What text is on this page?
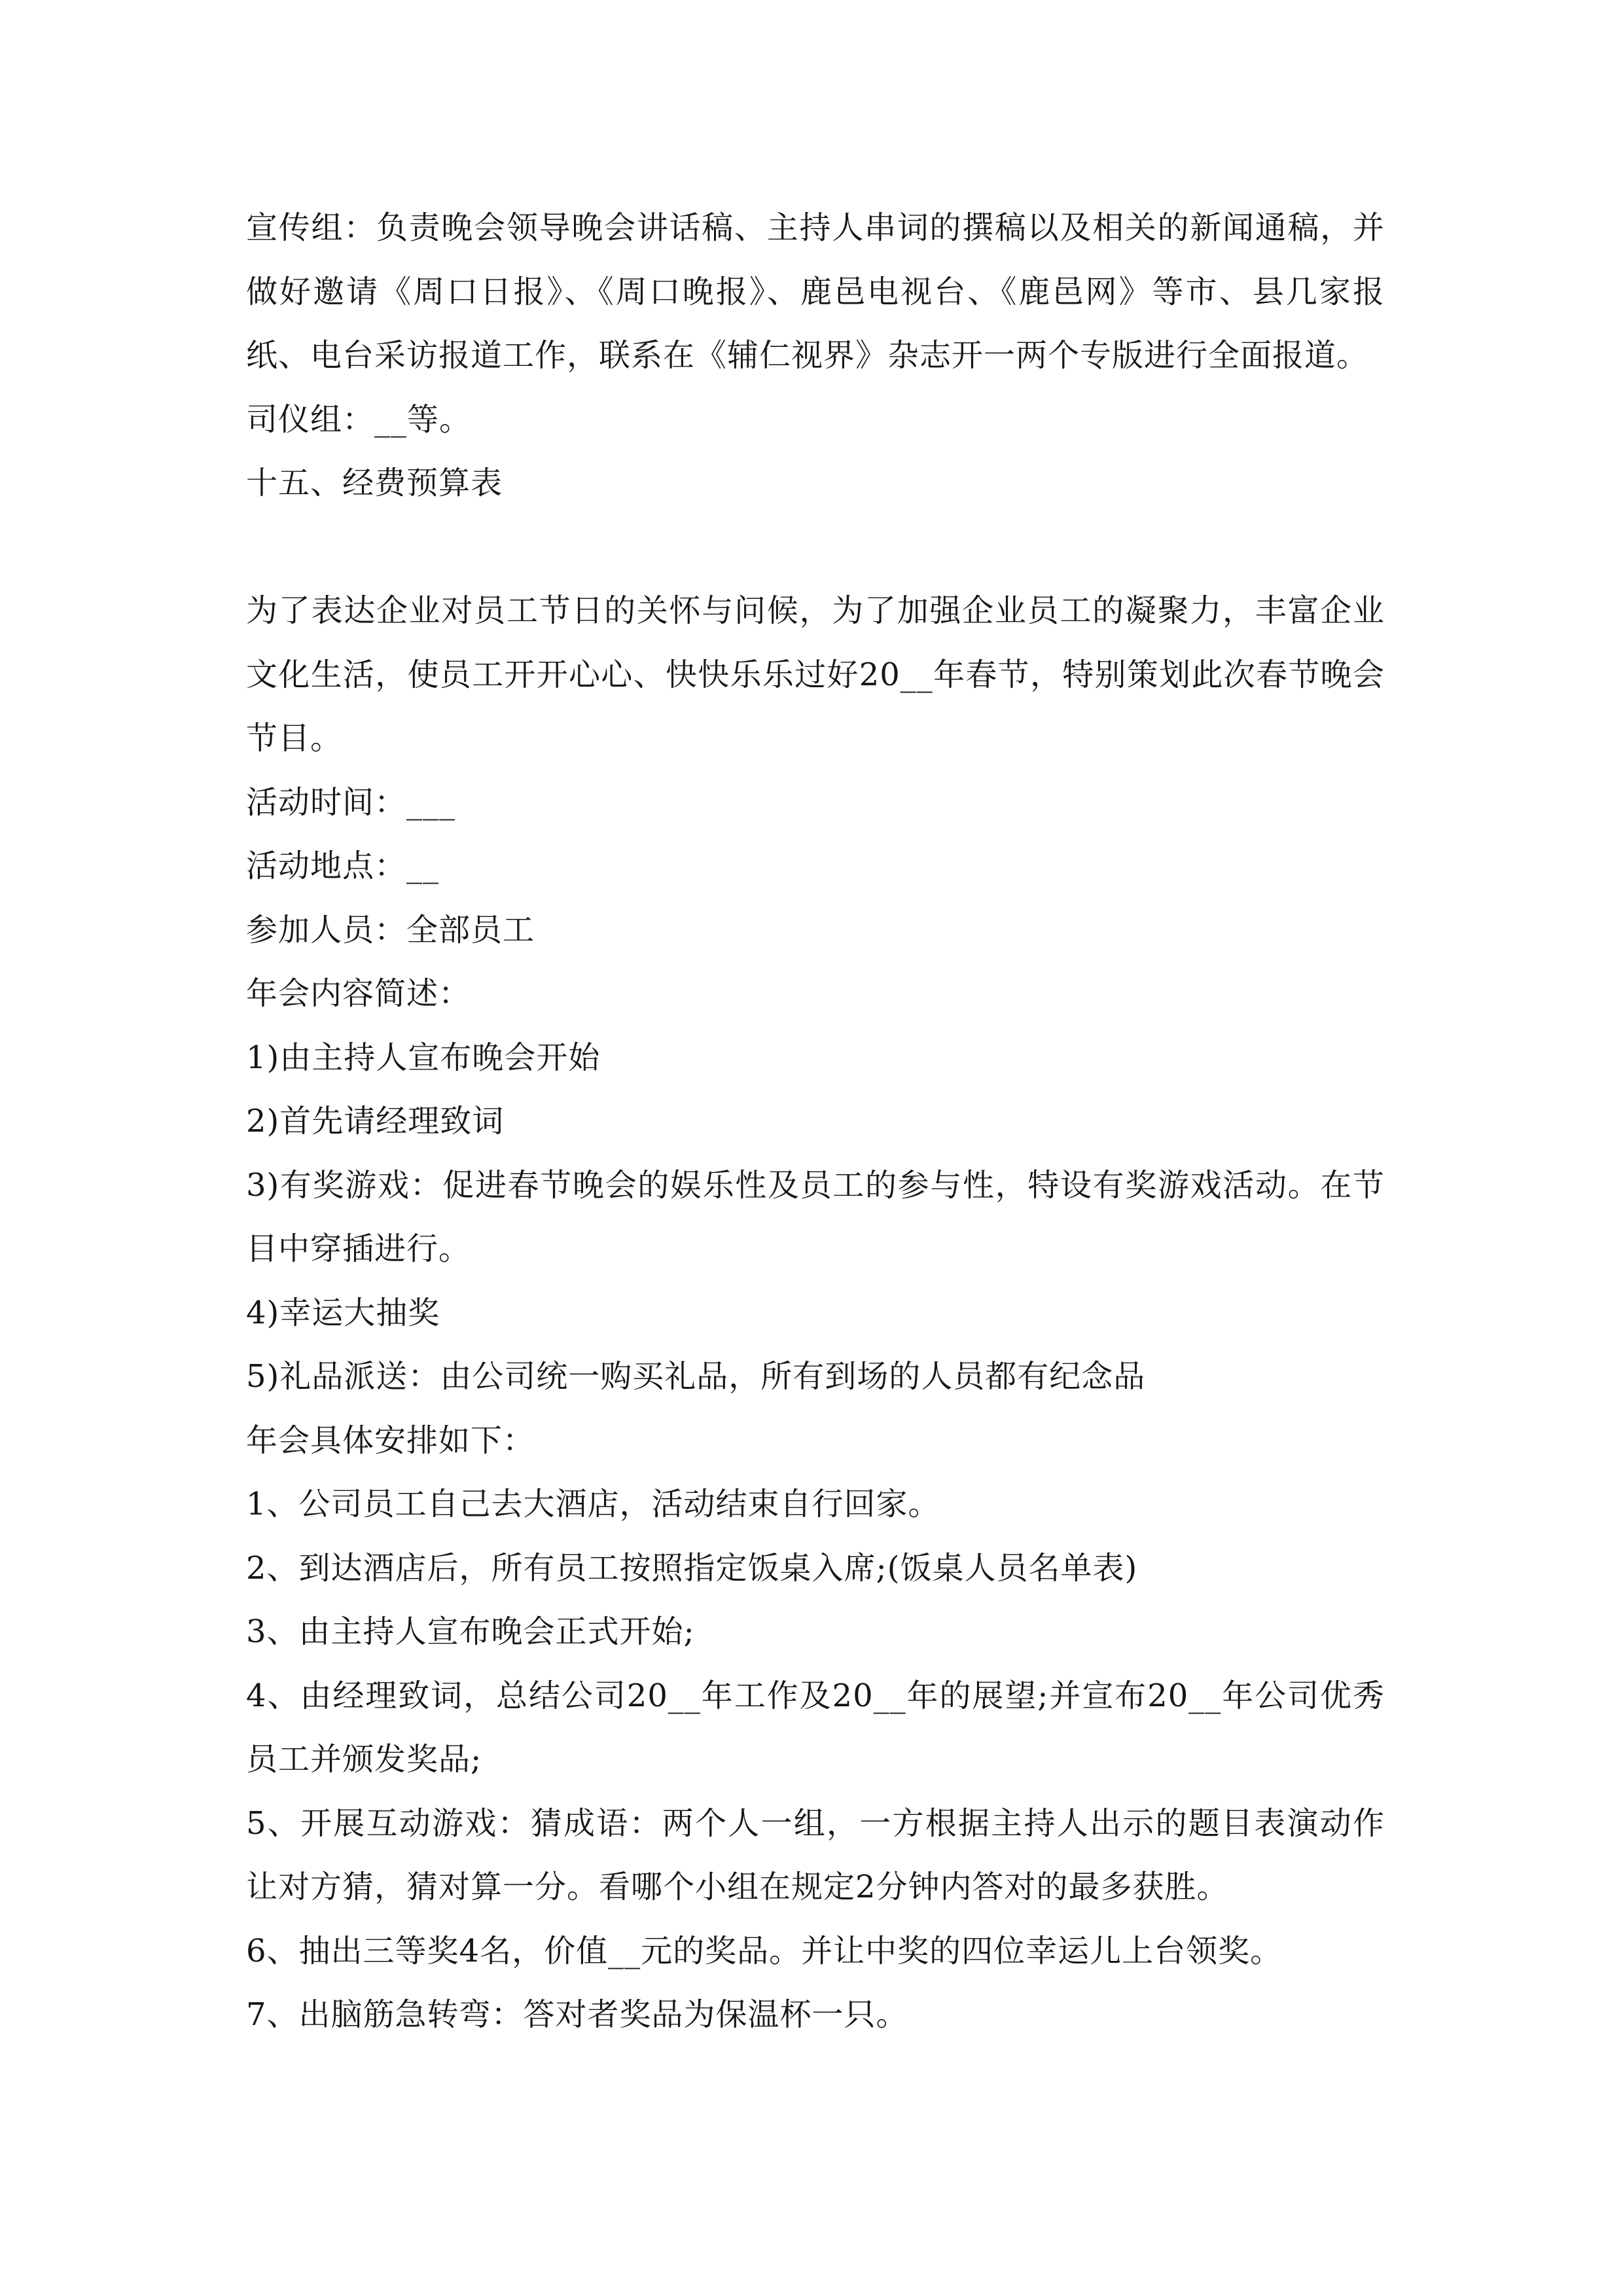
宣传组：负责晚会领导晚会讲话稿、主持人串词的撰稿以及相关的新闻通稿，并做好邀请《周口日报》、《周口晚报》、鹿邑电视台、《鹿邑网》等市、县几家报纸、电台采访报道工作，联系在《辅仁视界》杂志开一两个专版进行全面报道。

司仪组：__等。

十五、经费预算表

为了表达企业对员工节日的关怀与问候，为了加强企业员工的凝聚力，丰富企业文化生活，使员工开开心心、快快乐乐过好20__年春节，特别策划此次春节晚会节目。

活动时间：___

活动地点：__

参加人员：全部员工

年会内容简述：

1)由主持人宣布晚会开始

2)首先请经理致词

3)有奖游戏：促进春节晚会的娱乐性及员工的参与性，特设有奖游戏活动。在节目中穿插进行。

4)幸运大抽奖

5)礼品派送：由公司统一购买礼品，所有到场的人员都有纪念品

年会具体安排如下：

1、公司员工自己去大酒店，活动结束自行回家。

2、到达酒店后，所有员工按照指定饭桌入席;(饭桌人员名单表)

3、由主持人宣布晚会正式开始;

4、由经理致词，总结公司20__年工作及20__年的展望;并宣布20__年公司优秀员工并颁发奖品;

5、开展互动游戏：猜成语：两个人一组，一方根据主持人出示的题目表演动作让对方猜，猜对算一分。看哪个小组在规定2分钟内答对的最多获胜。

6、抽出三等奖4名，价值__元的奖品。并让中奖的四位幸运儿上台领奖。

7、出脑筋急转弯：答对者奖品为保温杯一只。
